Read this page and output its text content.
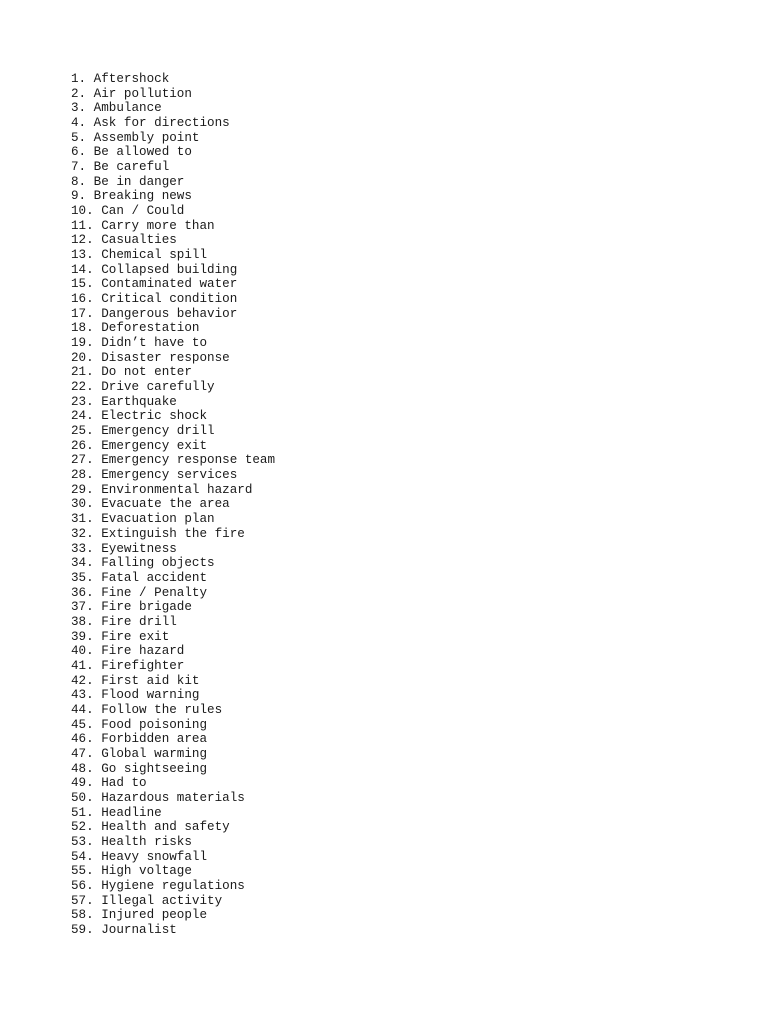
1. Aftershock
2. Air pollution
3. Ambulance
4. Ask for directions
5. Assembly point
6. Be allowed to
7. Be careful
8. Be in danger
9. Breaking news
10. Can / Could
11. Carry more than
12. Casualties
13. Chemical spill
14. Collapsed building
15. Contaminated water
16. Critical condition
17. Dangerous behavior
18. Deforestation
19. Didn’t have to
20. Disaster response
21. Do not enter
22. Drive carefully
23. Earthquake
24. Electric shock
25. Emergency drill
26. Emergency exit
27. Emergency response team
28. Emergency services
29. Environmental hazard
30. Evacuate the area
31. Evacuation plan
32. Extinguish the fire
33. Eyewitness
34. Falling objects
35. Fatal accident
36. Fine / Penalty
37. Fire brigade
38. Fire drill
39. Fire exit
40. Fire hazard
41. Firefighter
42. First aid kit
43. Flood warning
44. Follow the rules
45. Food poisoning
46. Forbidden area
47. Global warming
48. Go sightseeing
49. Had to
50. Hazardous materials
51. Headline
52. Health and safety
53. Health risks
54. Heavy snowfall
55. High voltage
56. Hygiene regulations
57. Illegal activity
58. Injured people
59. Journalist
